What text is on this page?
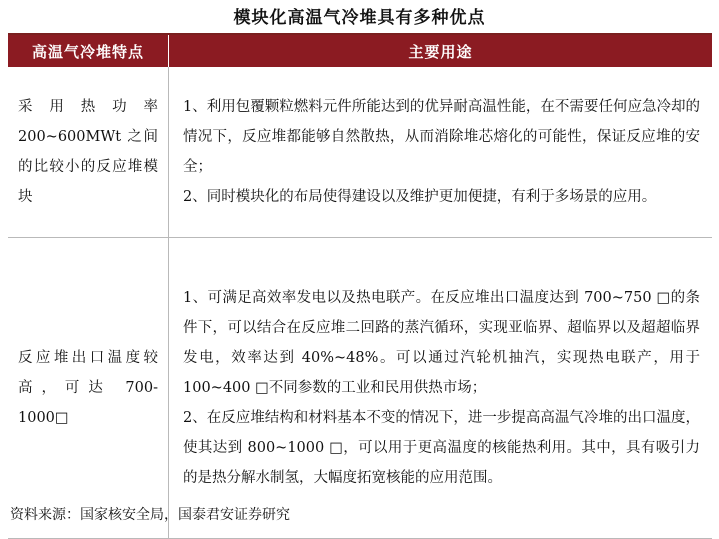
模块化高温气冷堆具有多种优点
高温气冷堆特点	主要用途
采用热功率 200~600MWt 之间的比较小的反应堆模块	1、利用包覆颗粒燃料元件所能达到的优异耐高温性能，在不需要任何应急冷却的情况下，反应堆都能够自然散热，从而消除堆芯熔化的可能性，保证反应堆的安全；

2、同时模块化的布局使得建设以及维护更加便捷，有利于多场景的应用。

反应堆出口温度较高，可达 700-1000□	1、可满足高效率发电以及热电联产。在反应堆出口温度达到 700~750 □的条件下，可以结合在反应堆二回路的蒸汽循环，实现亚临界、超临界以及超超临界发电，效率达到 40%~48%。可以通过汽轮机抽汽，实现热电联产，用于 100~400 □不同参数的工业和民用供热市场；

2、在反应堆结构和材料基本不变的情况下，进一步提高高温气冷堆的出口温度，使其达到 800~1000 □，可以用于更高温度的核能热利用。其中，具有吸引力的是热分解水制氢，大幅度拓宽核能的应用范围。

资料来源：国家核安全局，国泰君安证券研究
